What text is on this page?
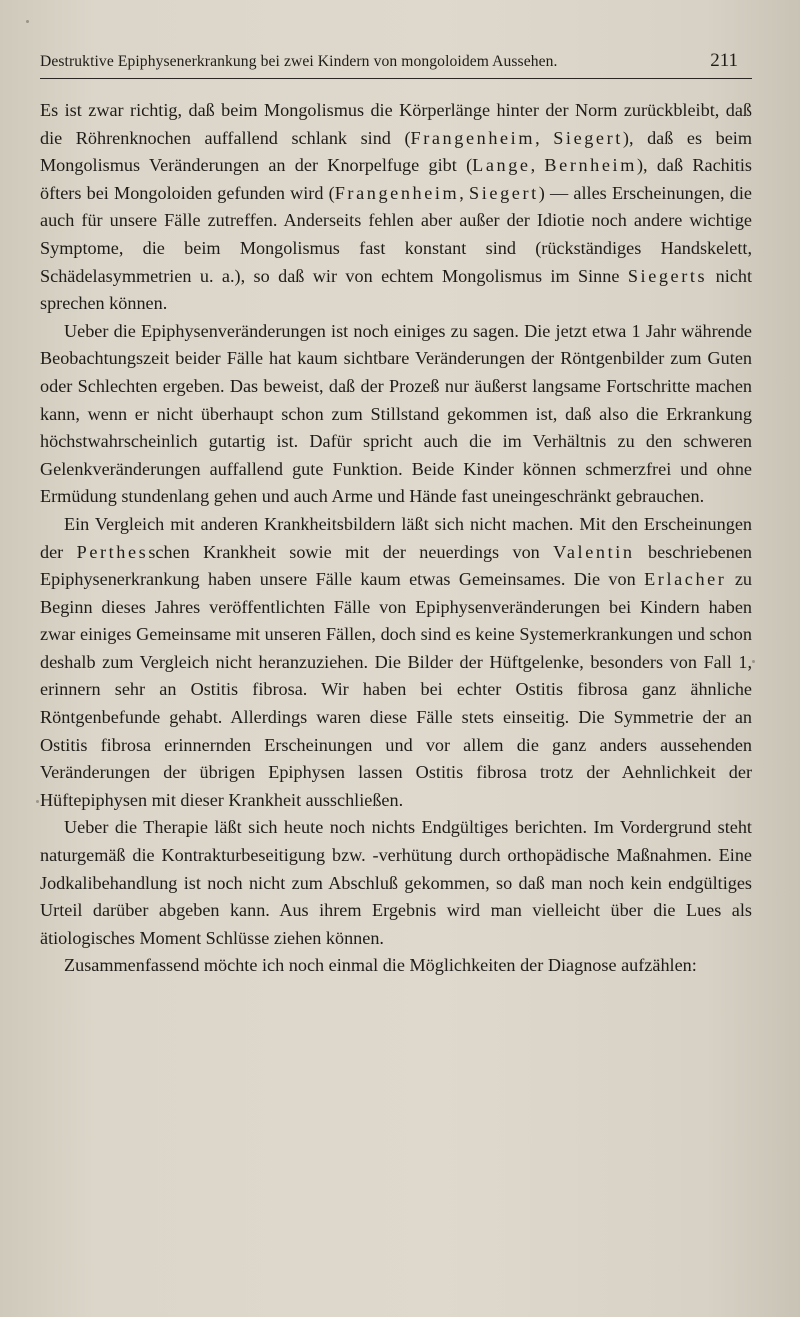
Destruktive Epiphysenerkrankung bei zwei Kindern von mongoloidem Aussehen.	211

Es ist zwar richtig, daß beim Mongolismus die Körperlänge hinter der Norm zurückbleibt, daß die Röhrenknochen auffallend schlank sind (Frangenheim, Siegert), daß es beim Mongolismus Veränderungen an der Knorpelfuge gibt (Lange, Bernheim), daß Rachitis öfters bei Mongoloiden gefunden wird (Frangenheim, Siegert) — alles Erscheinungen, die auch für unsere Fälle zutreffen. Anderseits fehlen aber außer der Idiotie noch andere wichtige Symptome, die beim Mongolismus fast konstant sind (rückständiges Handskelett, Schädelasymmetrien u. a.), so daß wir von echtem Mongolismus im Sinne Siegerts nicht sprechen können.

Ueber die Epiphysenveränderungen ist noch einiges zu sagen. Die jetzt etwa 1 Jahr währende Beobachtungszeit beider Fälle hat kaum sichtbare Veränderungen der Röntgenbilder zum Guten oder Schlechten ergeben. Das beweist, daß der Prozeß nur äußerst langsame Fortschritte machen kann, wenn er nicht überhaupt schon zum Stillstand gekommen ist, daß also die Erkrankung höchstwahrscheinlich gutartig ist. Dafür spricht auch die im Verhältnis zu den schweren Gelenkveränderungen auffallend gute Funktion. Beide Kinder können schmerzfrei und ohne Ermüdung stundenlang gehen und auch Arme und Hände fast uneingeschränkt gebrauchen.

Ein Vergleich mit anderen Krankheitsbildern läßt sich nicht machen. Mit den Erscheinungen der Perthesschen Krankheit sowie mit der neuerdings von Valentin beschriebenen Epiphysenerkrankung haben unsere Fälle kaum etwas Gemeinsames. Die von Erlacher zu Beginn dieses Jahres veröffentlichten Fälle von Epiphysenveränderungen bei Kindern haben zwar einiges Gemeinsame mit unseren Fällen, doch sind es keine Systemerkrankungen und schon deshalb zum Vergleich nicht heranzuziehen. Die Bilder der Hüftgelenke, besonders von Fall 1, erinnern sehr an Ostitis fibrosa. Wir haben bei echter Ostitis fibrosa ganz ähnliche Röntgenbefunde gehabt. Allerdings waren diese Fälle stets einseitig. Die Symmetrie der an Ostitis fibrosa erinnernden Erscheinungen und vor allem die ganz anders aussehenden Veränderungen der übrigen Epiphysen lassen Ostitis fibrosa trotz der Aehnlichkeit der Hüftepiphysen mit dieser Krankheit ausschließen.

Ueber die Therapie läßt sich heute noch nichts Endgültiges berichten. Im Vordergrund steht naturgemäß die Kontrakturbeseitigung bzw. -verhütung durch orthopädische Maßnahmen. Eine Jodkalibehandlung ist noch nicht zum Abschluß gekommen, so daß man noch kein endgültiges Urteil darüber abgeben kann. Aus ihrem Ergebnis wird man vielleicht über die Lues als ätiologisches Moment Schlüsse ziehen können.

Zusammenfassend möchte ich noch einmal die Möglichkeiten der Diagnose aufzählen:
